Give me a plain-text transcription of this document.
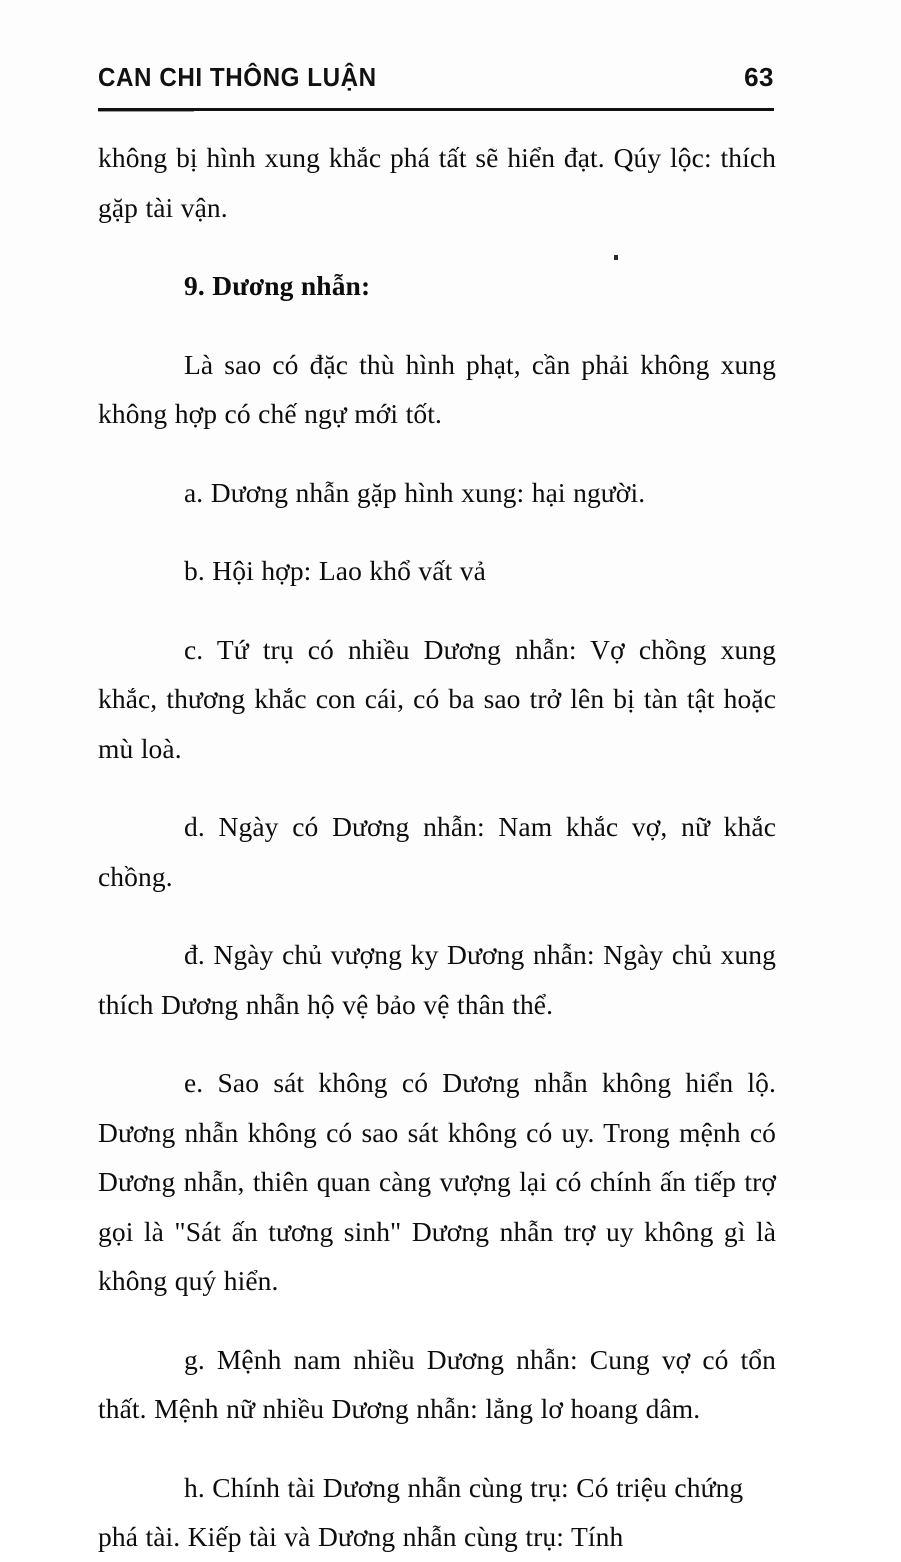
CAN CHI THÔNG LUẬN	63

không bị hình xung khắc phá tất sẽ hiển đạt. Qúy lộc: thích gặp tài vận.

9. Dương nhẫn:

Là sao có đặc thù hình phạt, cần phải không xung không hợp có chế ngự mới tốt.

a. Dương nhẫn gặp hình xung: hại người.

b. Hội hợp: Lao khổ vất vả

c. Tứ trụ có nhiều Dương nhẫn: Vợ chồng xung khắc, thương khắc con cái, có ba sao trở lên bị tàn tật hoặc mù loà.

d. Ngày có Dương nhẫn: Nam khắc vợ, nữ khắc chồng.

đ. Ngày chủ vượng ky Dương nhẫn: Ngày chủ xung thích Dương nhẫn hộ vệ bảo vệ thân thể.

e. Sao sát không có Dương nhẫn không hiển lộ. Dương nhẫn không có sao sát không có uy. Trong mệnh có Dương nhẫn, thiên quan càng vượng lại có chính ấn tiếp trợ gọi là "Sát ấn tương sinh" Dương nhẫn trợ uy không gì là không quý hiển.

g. Mệnh nam nhiều Dương nhẫn: Cung vợ có tổn thất. Mệnh nữ nhiều Dương nhẫn: lẳng lơ hoang dâm.

h. Chính tài Dương nhẫn cùng trụ: Có triệu chứng phá tài. Kiếp tài và Dương nhẫn cùng trụ: Tính
